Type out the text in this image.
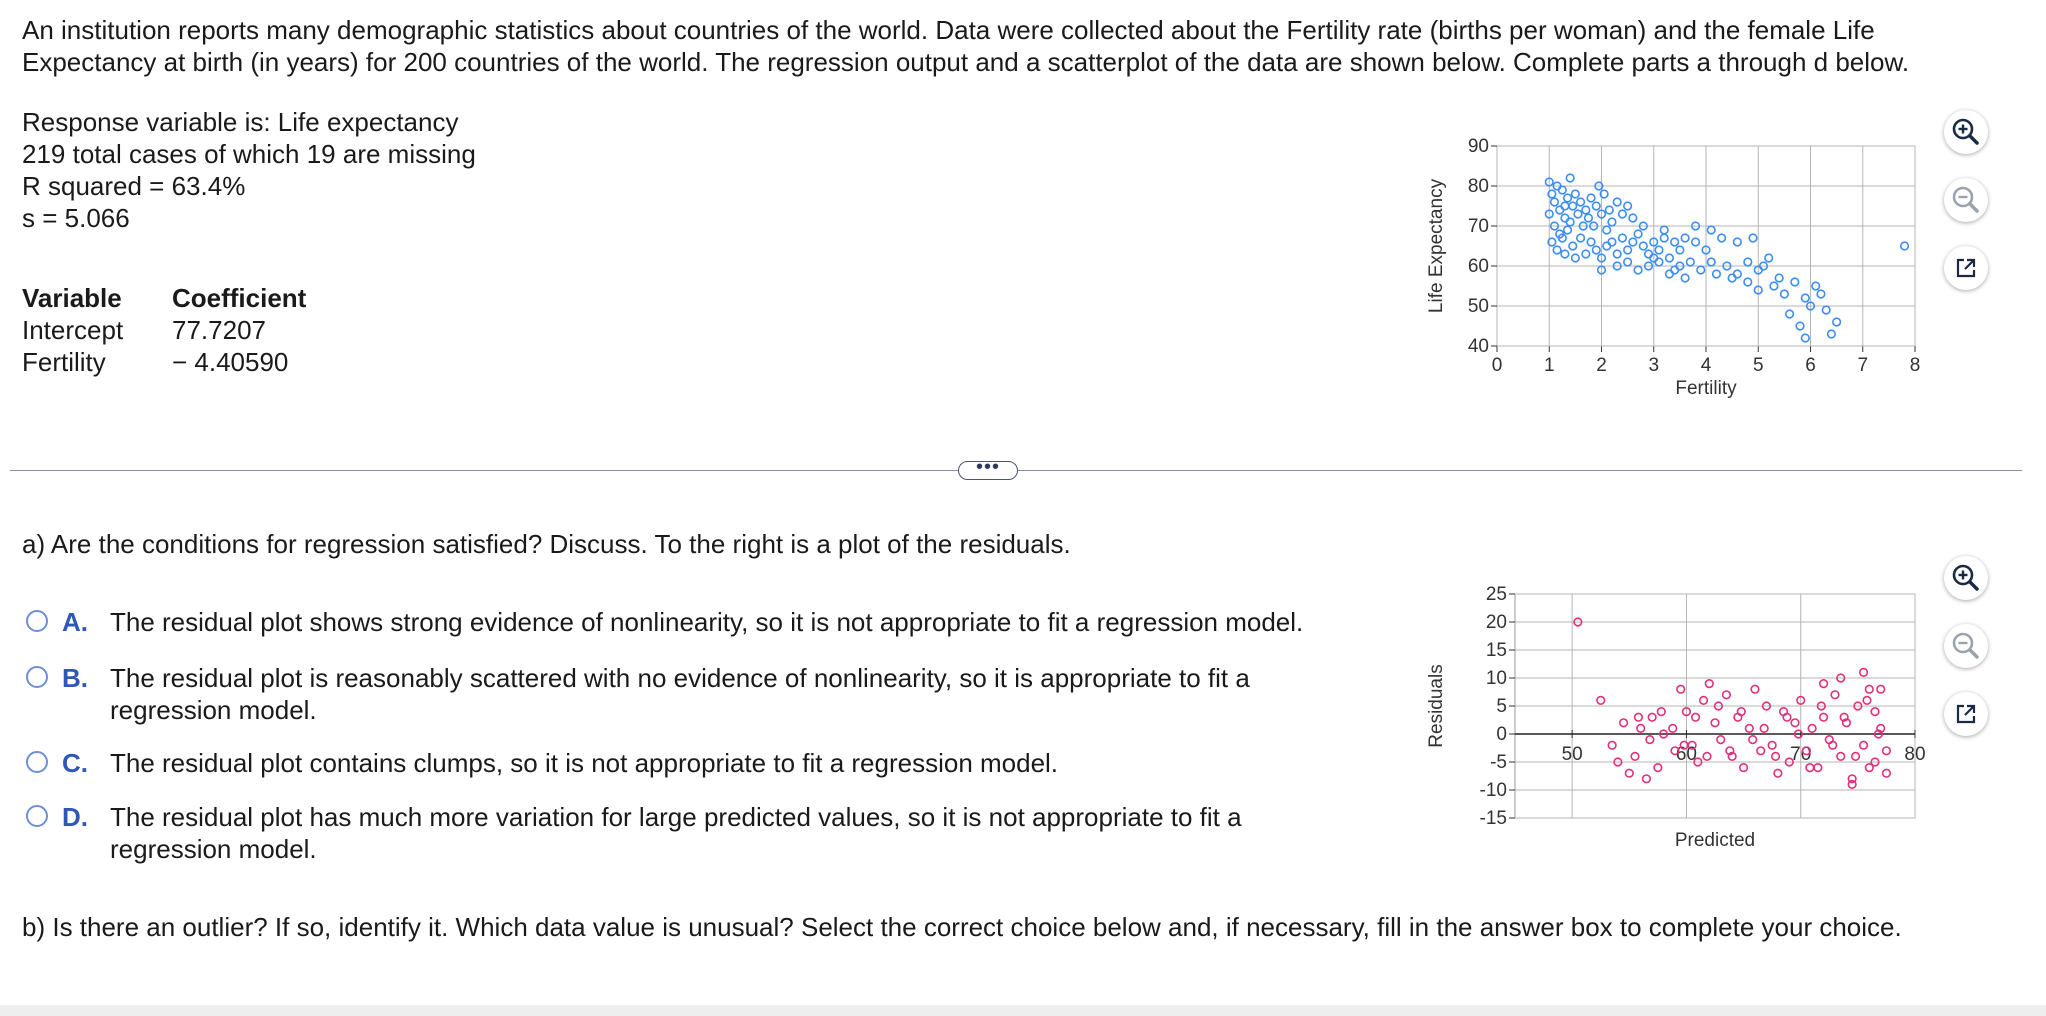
An institution reports many demographic statistics about countries of the world. Data were collected about the Fertility rate (births per woman) and the female Life Expectancy at birth (in years) for 200 countries of the world. The regression output and a scatterplot of the data are shown below. Complete parts a through d below.
Response variable is: Life expectancy
219 total cases of which 19 are missing
R squared = 63.4%
s = 5.066
Variable	Coefficient
Intercept	77.7207
Fertility	− 4.40590	0 1 2 3 4 5 6 7 8
40
50
60
70
80
90
Fertility
Life Expectancy
50	60	70	80
-15
-10
-5
0
5
10
15
20
25
Predicted
Residuals
•••
a) Are the conditions for regression satisfied? Discuss. To the right is a plot of the residuals.
A. The residual plot shows strong evidence of nonlinearity, so it is not appropriate to fit a regression model.
B. The residual plot is reasonably scattered with no evidence of nonlinearity, so it is appropriate to fit a regression model.
C. The residual plot contains clumps, so it is not appropriate to fit a regression model.
D. The residual plot has much more variation for large predicted values, so it is not appropriate to fit a regression model.
b) Is there an outlier? If so, identify it. Which data value is unusual? Select the correct choice below and, if necessary, fill in the answer box to complete your choice.
